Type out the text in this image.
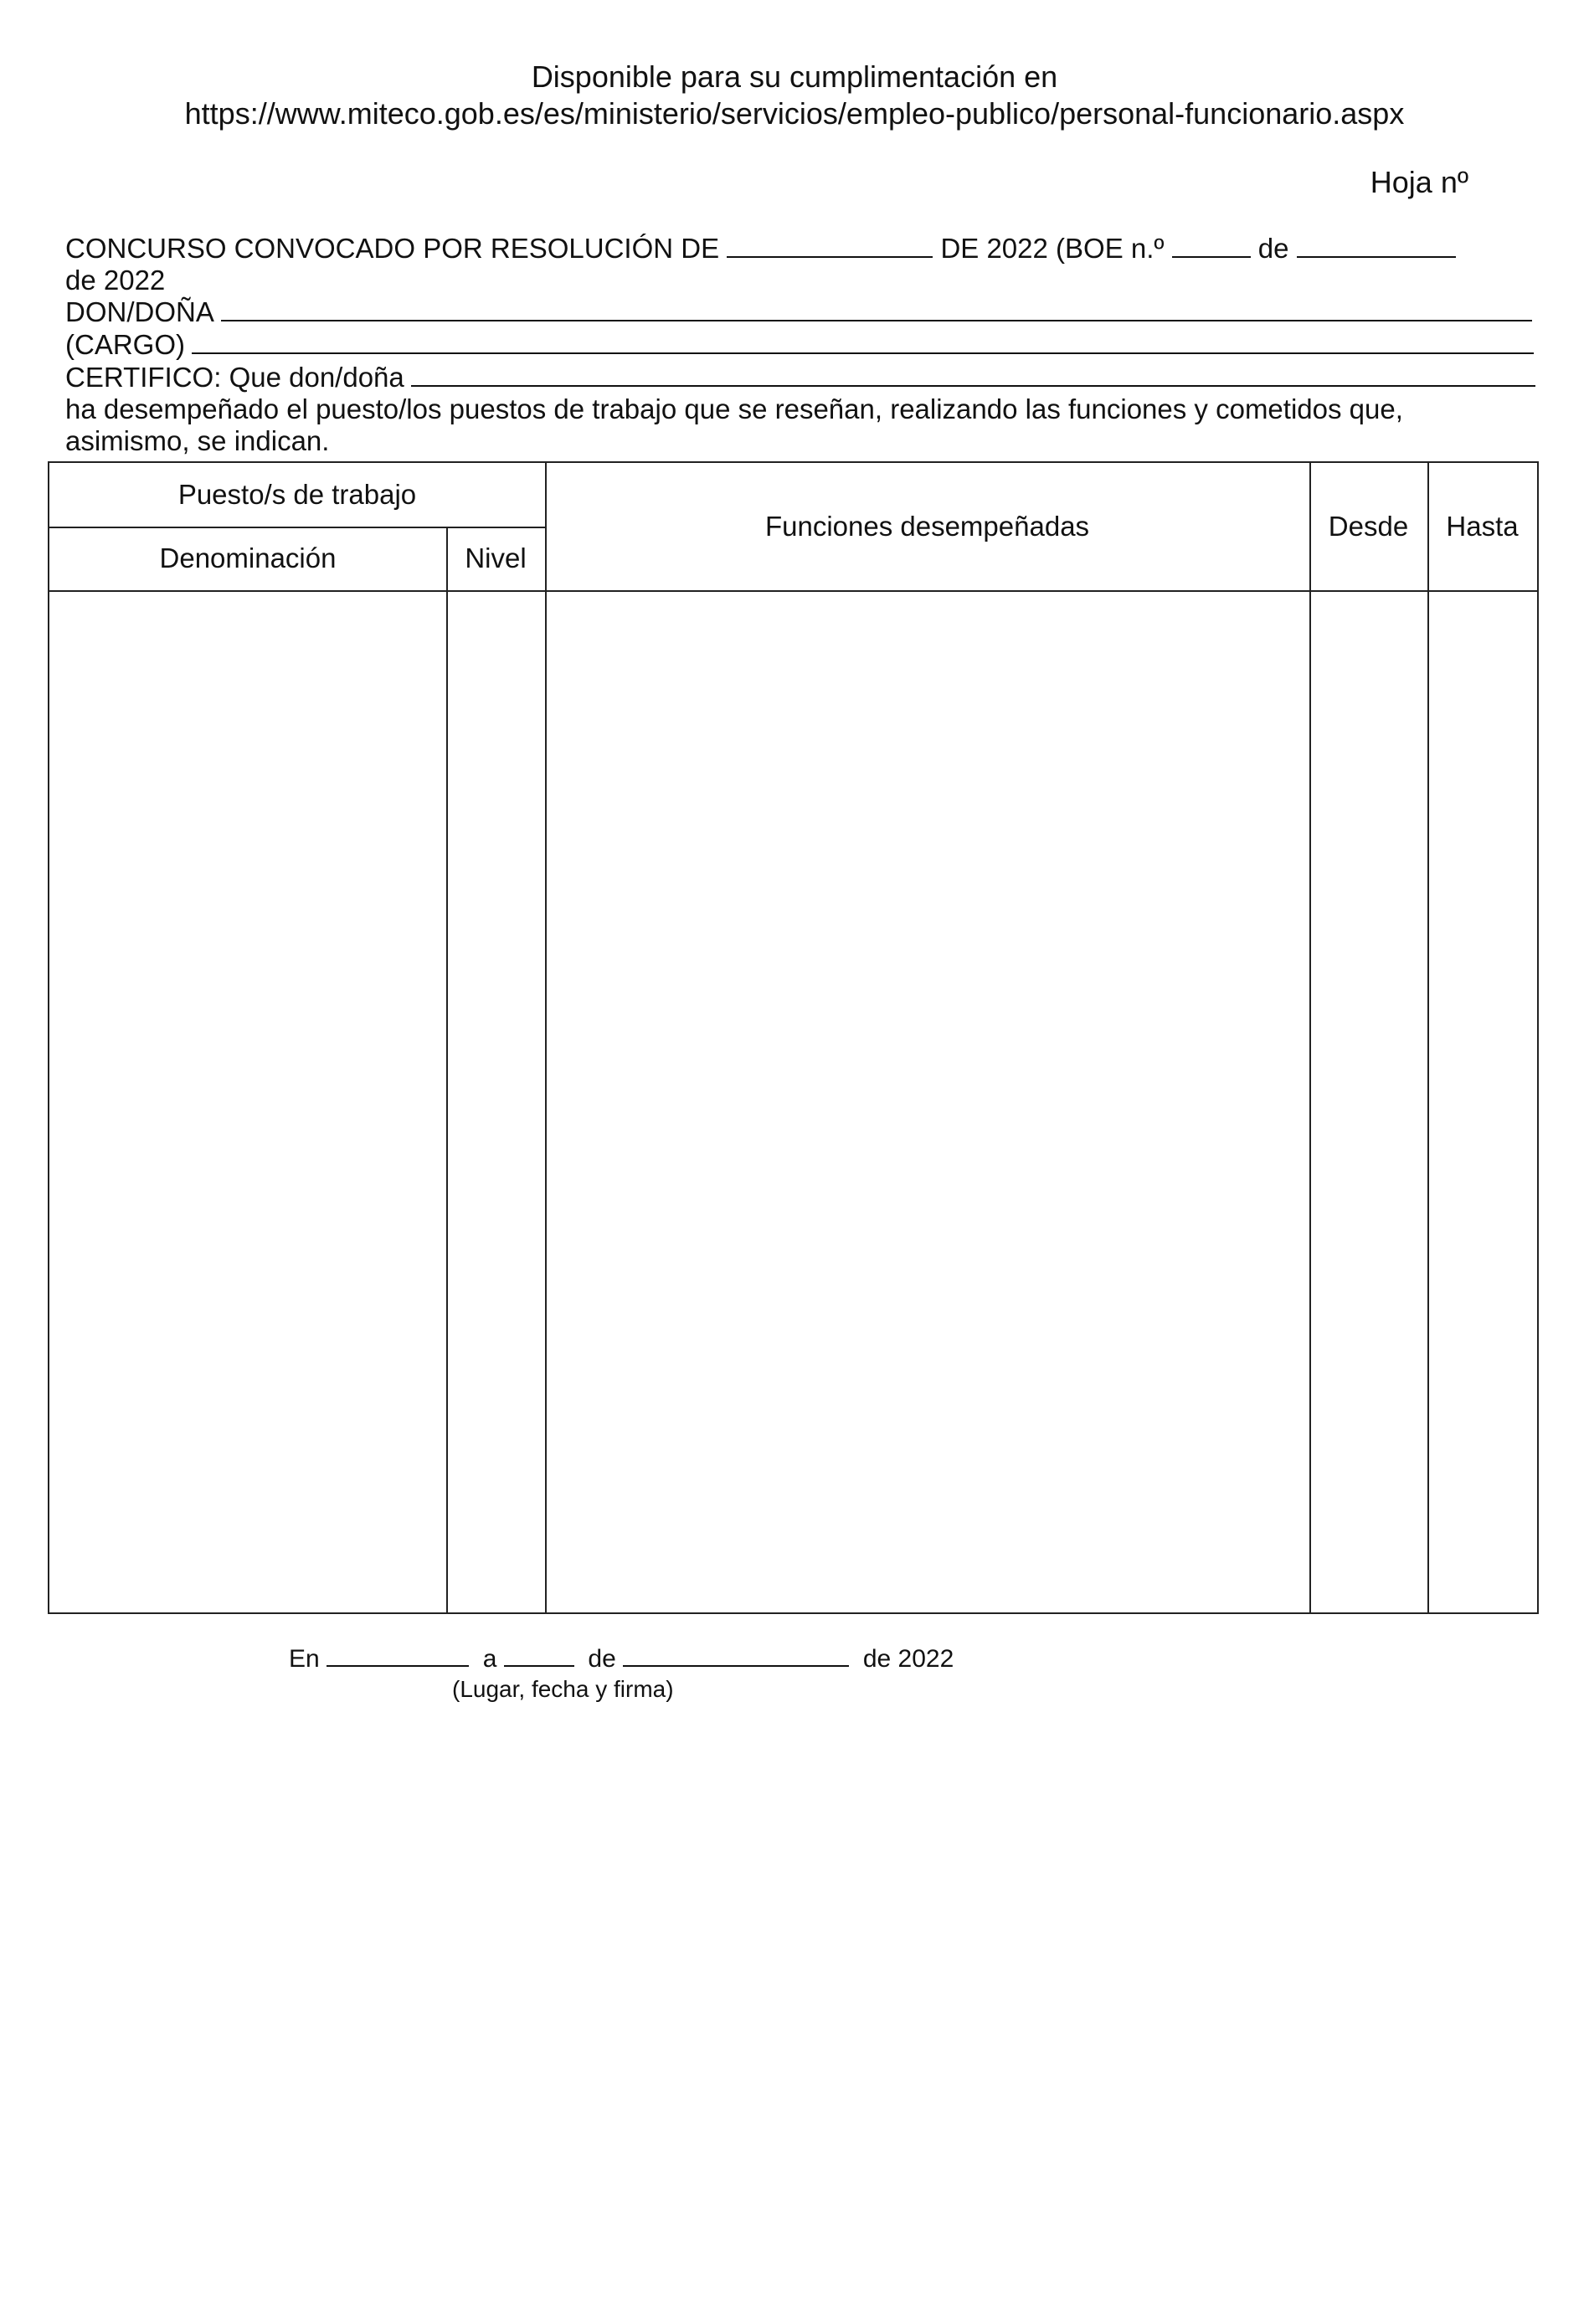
Disponible para su cumplimentación en
https://www.miteco.gob.es/es/ministerio/servicios/empleo-publico/personal-funcionario.aspx
Hoja nº
CONCURSO CONVOCADO POR RESOLUCIÓN DE	DE 2022 (BOE n.º	de
de 2022
DON/DOÑA
(CARGO)
CERTIFICO: Que don/doña
ha desempeñado el puesto/los puestos de trabajo que se reseñan, realizando las funciones y cometidos que,
asimismo, se indican.
Puesto/s de trabajo
Denominación	Nivel
Funciones desempeñadas	Desde	Hasta
En	a	de	de 2022
(Lugar, fecha y firma)
